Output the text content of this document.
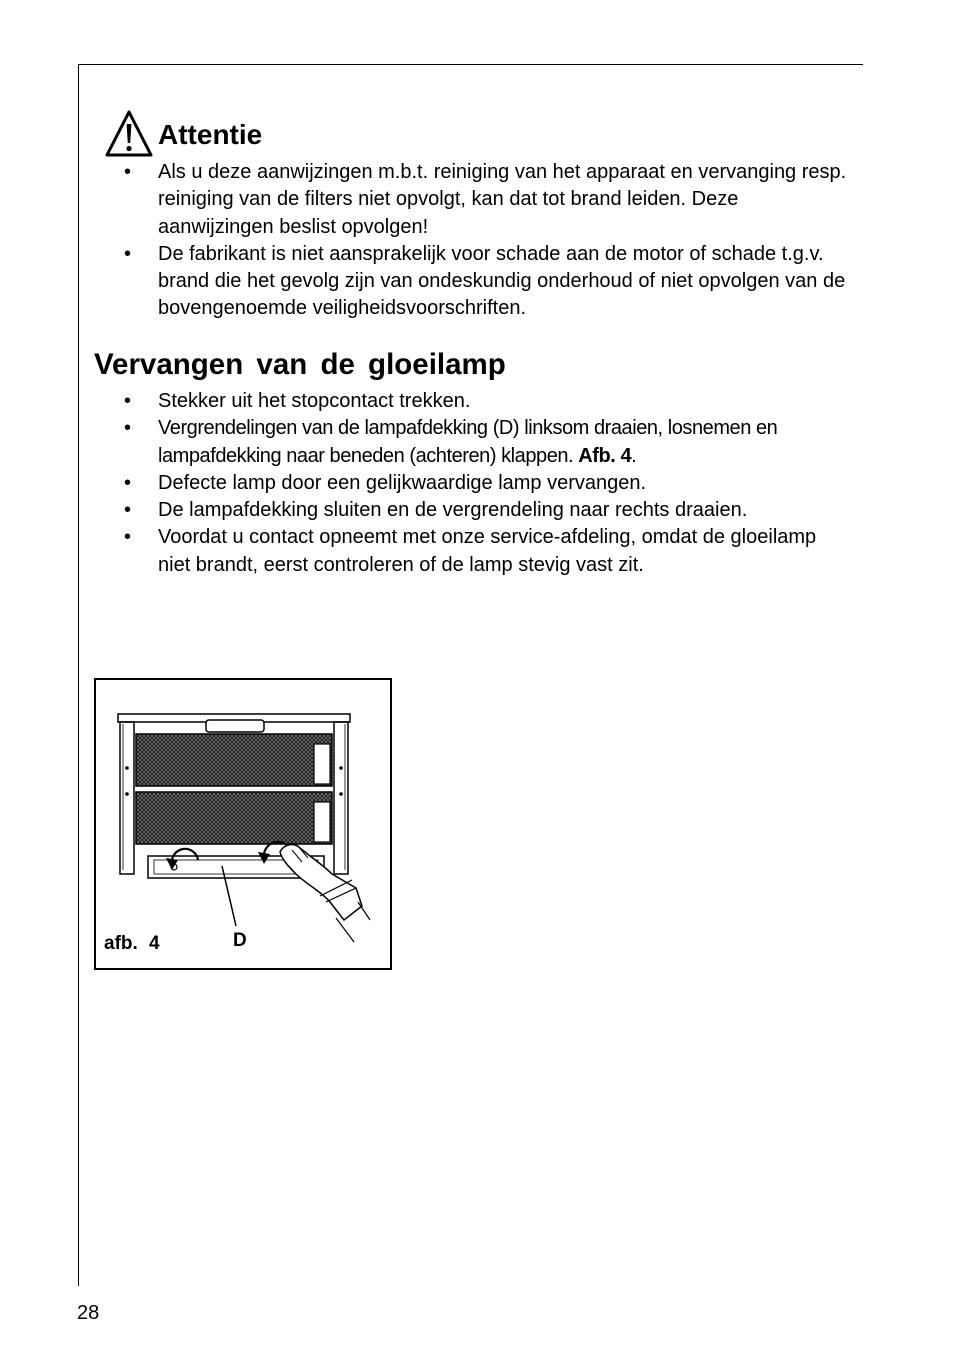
Attentie
• Als u deze aanwijzingen m.b.t. reiniging van het apparaat en vervanging resp. reiniging van de filters niet opvolgt, kan dat tot brand leiden. Deze aanwijzingen beslist opvolgen!
• De fabrikant is niet aansprakelijk voor schade aan de motor of schade t.g.v. brand die het gevolg zijn van ondeskundig onderhoud of niet opvolgen van de bovengenoemde veiligheidsvoorschriften.
Vervangen van de gloeilamp
• Stekker uit het stopcontact trekken.
• Vergrendelingen van de lampafdekking (D) linksom draaien, losnemen en lampafdekking naar beneden (achteren) klappen. Afb. 4.
• Defecte lamp door een gelijkwaardige lamp vervangen.
• De lampafdekking sluiten en de vergrendeling naar rechts draaien.
• Voordat u contact opneemt met onze service-afdeling, omdat de gloeilamp niet brandt, eerst controleren of de lamp stevig vast zit.
afb. 4	D
28
